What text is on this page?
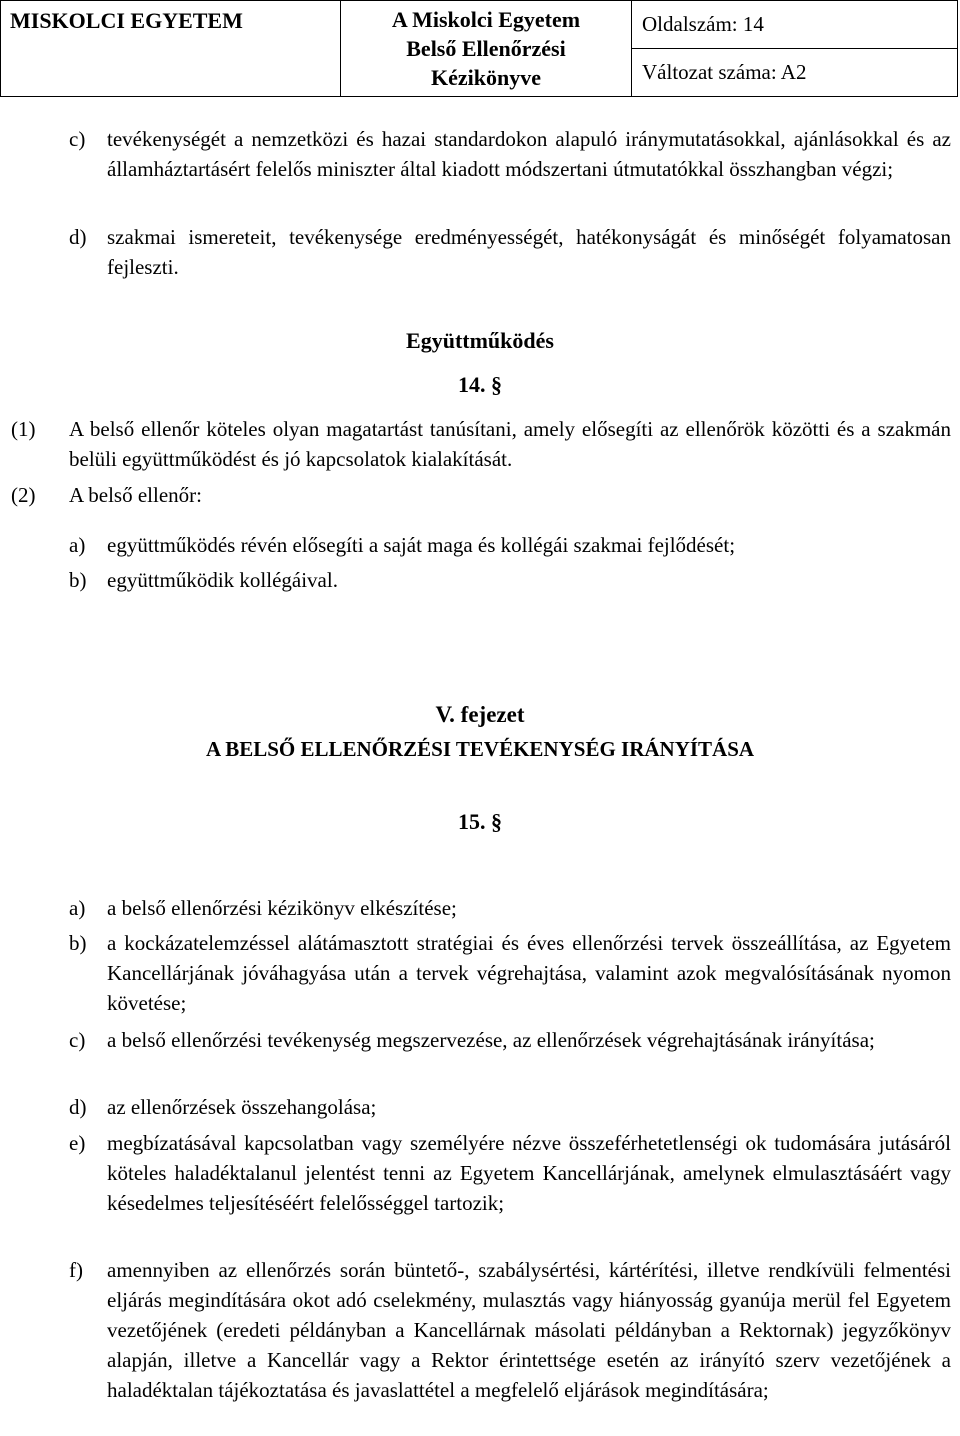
MISKOLCI EGYETEM	A Miskolci Egyetem
Belső Ellenőrzési
Kézikönyve
	Oldalszám: 14
Változat száma: A2
c)	tevékenységét a nemzetközi és hazai standardokon alapuló iránymutatásokkal, ajánlásokkal és az államháztartásért felelős miniszter által kiadott módszertani útmutatókkal összhangban végzi;
d) szakmai ismereteit, tevékenysége eredményességét, hatékonyságát és minőségét folyamatosan fejleszti.
Együttműködés
14. §
(1)	A belső ellenőr köteles olyan magatartást tanúsítani, amely elősegíti az ellenőrök közötti és a szakmán belüli együttműködést és jó kapcsolatok kialakítását.
(2)	A belső ellenőr:
a)	együttműködés révén elősegíti a saját maga és kollégái szakmai fejlődését;
b) együttműködik kollégáival.
V. fejezet
A BELSŐ ELLENŐRZÉSI TEVÉKENYSÉG IRÁNYÍTÁSA
15. §
a)	a belső ellenőrzési kézikönyv elkészítése;
b) a kockázatelemzéssel alátámasztott stratégiai és éves ellenőrzési tervek összeállítása, az Egyetem Kancellárjának jóváhagyása után a tervek végrehajtása, valamint azok megvalósításának nyomon követése;
c)	a belső ellenőrzési tevékenység megszervezése, az ellenőrzések végrehajtásának irányítása;
d) az ellenőrzések összehangolása;
e)	megbízatásával kapcsolatban vagy személyére nézve összeférhetetlenségi ok tudomására jutásáról köteles haladéktalanul jelentést tenni az Egyetem Kancellárjának, amelynek elmulasztásáért vagy késedelmes teljesítéséért felelősséggel tartozik;
f)	amennyiben az ellenőrzés során büntető-, szabálysértési, kártérítési, illetve rendkívüli felmentési eljárás megindítására okot adó cselekmény, mulasztás vagy hiányosság gyanúja merül fel Egyetem vezetőjének (eredeti példányban a Kancellárnak másolati példányban a Rektornak) jegyzőkönyv alapján, illetve a Kancellár vagy a Rektor érintettsége esetén az irányító szerv vezetőjének a haladéktalan tájékoztatása és javaslattétel a megfelelő eljárások megindítására;
